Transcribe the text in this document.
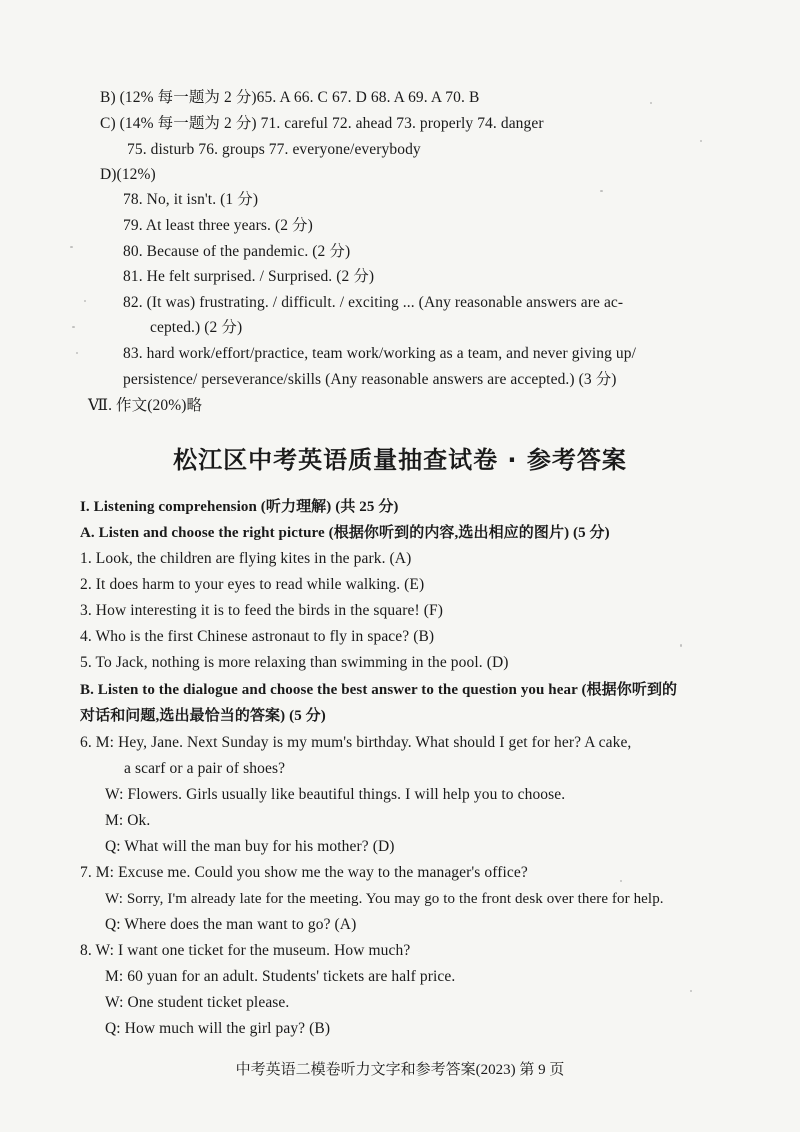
B) (12% 每一题为 2 分)65. A 66. C 67. D 68. A 69. A 70. B
C) (14% 每一题为 2 分) 71. careful 72. ahead 73. properly 74. danger
75. disturb 76. groups 77. everyone/everybody
D)(12%)
78. No, it isn't. (1 分)
79. At least three years. (2 分)
80. Because of the pandemic. (2 分)
81. He felt surprised. / Surprised. (2 分)
82. (It was) frustrating. / difficult. / exciting ... (Any reasonable answers are ac-
cepted.) (2 分)
83. hard work/effort/practice, team work/working as a team, and never giving up/
persistence/ perseverance/skills (Any reasonable answers are accepted.) (3 分)
Ⅶ. 作文(20%)略
松江区中考英语质量抽查试卷 · 参考答案
I. Listening comprehension (听力理解) (共 25 分)
A. Listen and choose the right picture (根据你听到的内容,选出相应的图片) (5 分)
1. Look, the children are flying kites in the park. (A)
2. It does harm to your eyes to read while walking. (E)
3. How interesting it is to feed the birds in the square! (F)
4. Who is the first Chinese astronaut to fly in space? (B)
5. To Jack, nothing is more relaxing than swimming in the pool. (D)
B. Listen to the dialogue and choose the best answer to the question you hear (根据你听到的
对话和问题,选出最恰当的答案) (5 分)
6. M: Hey, Jane. Next Sunday is my mum's birthday. What should I get for her? A cake,
a scarf or a pair of shoes?
W: Flowers. Girls usually like beautiful things. I will help you to choose.
M: Ok.
Q: What will the man buy for his mother? (D)
7. M: Excuse me. Could you show me the way to the manager's office?
W: Sorry, I'm already late for the meeting. You may go to the front desk over there for help.
Q: Where does the man want to go? (A)
8. W: I want one ticket for the museum. How much?
M: 60 yuan for an adult. Students' tickets are half price.
W: One student ticket please.
Q: How much will the girl pay? (B)
中考英语二模卷听力文字和参考答案(2023) 第 9 页
